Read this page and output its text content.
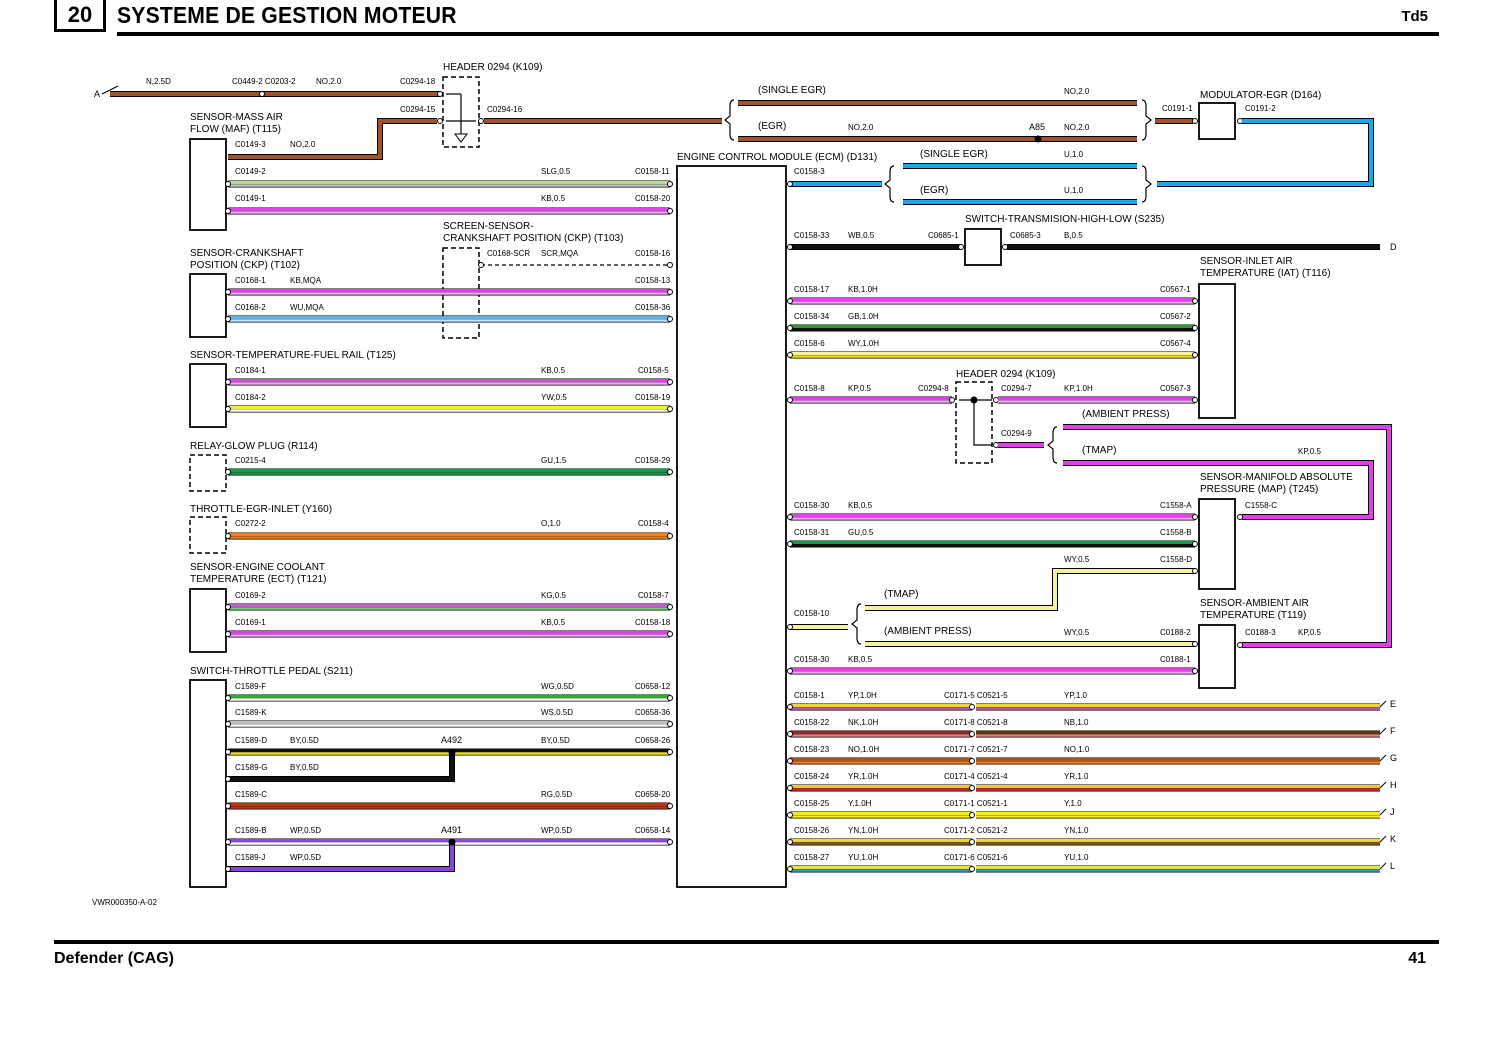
20	SYSTEME DE GESTION MOTEUR	Td5
N,2.5D	C0449-2 C0203-2	NO,2.0	C0294-18
A
HEADER 0294 (K109)
C0294-15	C0294-16
C0149-3	NO,2.0
SENSOR-MASS AIR
FLOW (MAF) (T115)
ENGINE CONTROL MODULE (ECM) (D131)
C0149-2	SLG,0.5	C0158-11
C0149-1	KB,0.5	C0158-20
SCREEN-SENSOR-
CRANKSHAFT POSITION (CKP) (T103)
C0168-SCR SCR,MQA	C0158-16
SENSOR-CRANKSHAFT
POSITION (CKP) (T102)
C0168-1	KB,MQA	C0158-13
C0168-2	WU,MQA	C0158-36
SENSOR-TEMPERATURE-FUEL RAIL (T125)
C0184-1	KB,0.5	C0158-5
C0184-2	YW,0.5	C0158-19
RELAY-GLOW PLUG (R114)
C0215-4	GU,1.5	C0158-29
THROTTLE-EGR-INLET (Y160)
C0272-2	O,1.0	C0158-4
SENSOR-ENGINE COOLANT
TEMPERATURE (ECT) (T121)
C0169-2	KG,0.5	C0158-7
C0169-1	KB,0.5	C0158-18
SWITCH-THROTTLE PEDAL (S211)
C1589-F	WG,0.5D	C0658-12
C1589-K	WS,0.5D	C0658-36
C1589-D	BY,0.5D	BY,0.5D	C0658-26
C1589-G	BY,0.5D
A492
C1589-C	RG,0.5D	C0658-20
C1589-B	WP,0.5D	WP,0.5D	C0658-14
C1589-J	WP,0.5D
A491
VWR000350-A-02
(SINGLE EGR)	NO,2.0
(EGR)	NO,2.0	NO,2.0
A85
C0191-1
MODULATOR-EGR (D164)
C0191-2
C0158-3
(SINGLE EGR)	U,1.0
(EGR)	U,1.0
C0158-33 WB,0.5	C0685-1
SWITCH-TRANSMISION-HIGH-LOW (S235)
C0685-3	B,0.5
D
SENSOR-INLET AIR
TEMPERATURE (IAT) (T116)
C0158-17 KB,1.0H	C0567-1
C0158-34 GB,1.0H	C0567-2
C0158-6	WY,1.0H	C0567-4
HEADER 0294 (K109)
C0158-8	KP,0.5	C0294-8	C0294-7	KP,1.0H	C0567-3
C0294-9
(AMBIENT PRESS)
(TMAP)	KP,0.5
SENSOR-MANIFOLD ABSOLUTE
PRESSURE (MAP) (T245)
C0158-30 KB,0.5	C1558-A	C1558-C
C0158-31 GU,0.5	C1558-B
WY,0.5	C1558-D
(TMAP)
SENSOR-AMBIENT AIR
TEMPERATURE (T119)
C0158-10
(AMBIENT PRESS)	WY,0.5	C0188-2	C0188-3	KP,0.5
C0158-30 KB,0.5	C0188-1
C0158-1	YP,1.0H	C0171-5 C0521-5	YP,1.0
E
C0158-22 NK,1.0H	C0171-8 C0521-8	NB,1.0
F
C0158-23 NO,1.0H	C0171-7 C0521-7	NO,1.0
G
C0158-24 YR,1.0H	C0171-4 C0521-4	YR,1.0
H
C0158-25 Y,1.0H	C0171-1 C0521-1	Y,1.0
J
C0158-26 YN,1.0H	C0171-2 C0521-2	YN,1.0
K
C0158-27 YU,1.0H	C0171-6 C0521-6	YU,1.0
L
Defender (CAG)	41
